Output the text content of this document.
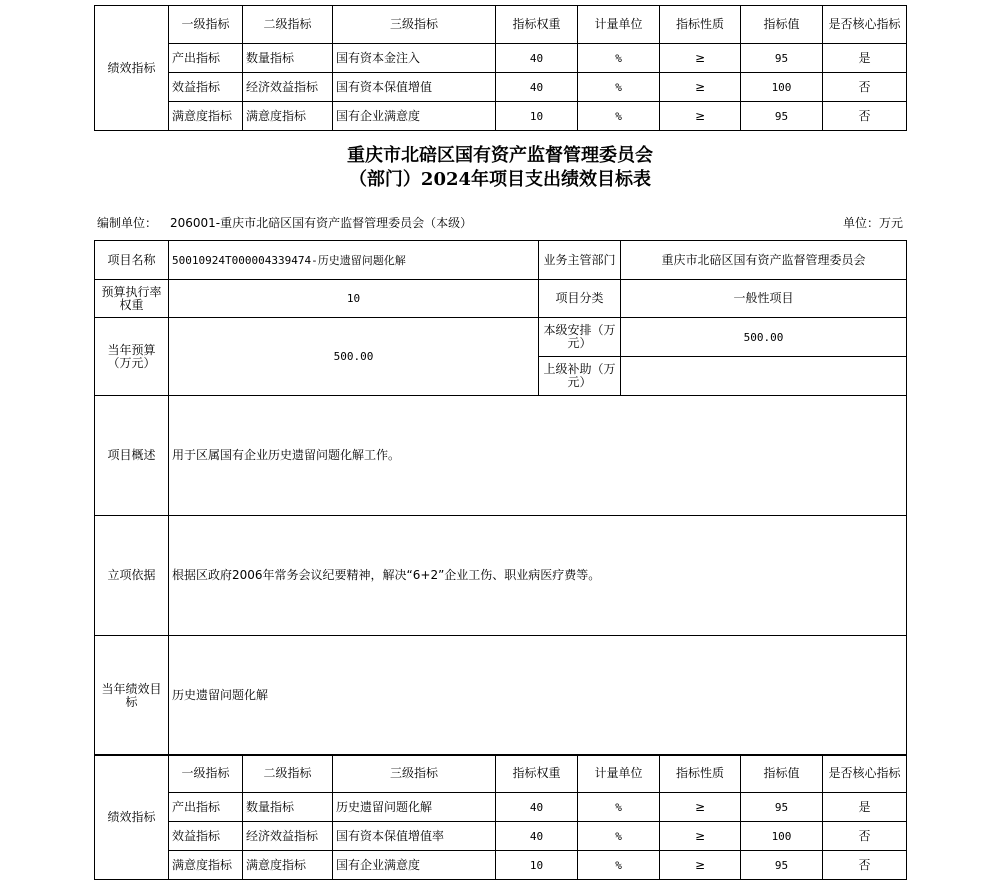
绩效指标	一级指标	二级指标	三级指标	指标权重	计量单位	指标性质	指标值	是否核心指标
	产出指标	数量指标	国有资本金注入	40	%	≥	95	是
	效益指标	经济效益指标	国有资本保值增值	40	%	≥	100	否
	满意度指标	满意度指标	国有企业满意度	10	%	≥	95	否
重庆市北碚区国有资产监督管理委员会
（部门）2024年项目支出绩效目标表
编制单位： 206001-重庆市北碚区国有资产监督管理委员会（本级）	单位：万元
项目名称	50010924T000004339474-历史遗留问题化解	业务主管部门	重庆市北碚区国有资产监督管理委员会
预算执行率权重	10	项目分类	一般性项目
当年预算（万元）	500.00	本级安排（万元）	500.00
		上级补助（万元）	
项目概述	用于区属国有企业历史遗留问题化解工作。		
立项依据	根据区政府2006年常务会议纪要精神，解决“6+2”企业工伤、职业病医疗费等。		
当年绩效目标	历史遗留问题化解		
绩效指标	一级指标	二级指标	三级指标	指标权重	计量单位	指标性质	指标值	是否核心指标
	产出指标	数量指标	历史遗留问题化解	40	%	≥	95	是
	效益指标	经济效益指标	国有资本保值增值率	40	%	≥	100	否
	满意度指标	满意度指标	国有企业满意度	10	%	≥	95	否
